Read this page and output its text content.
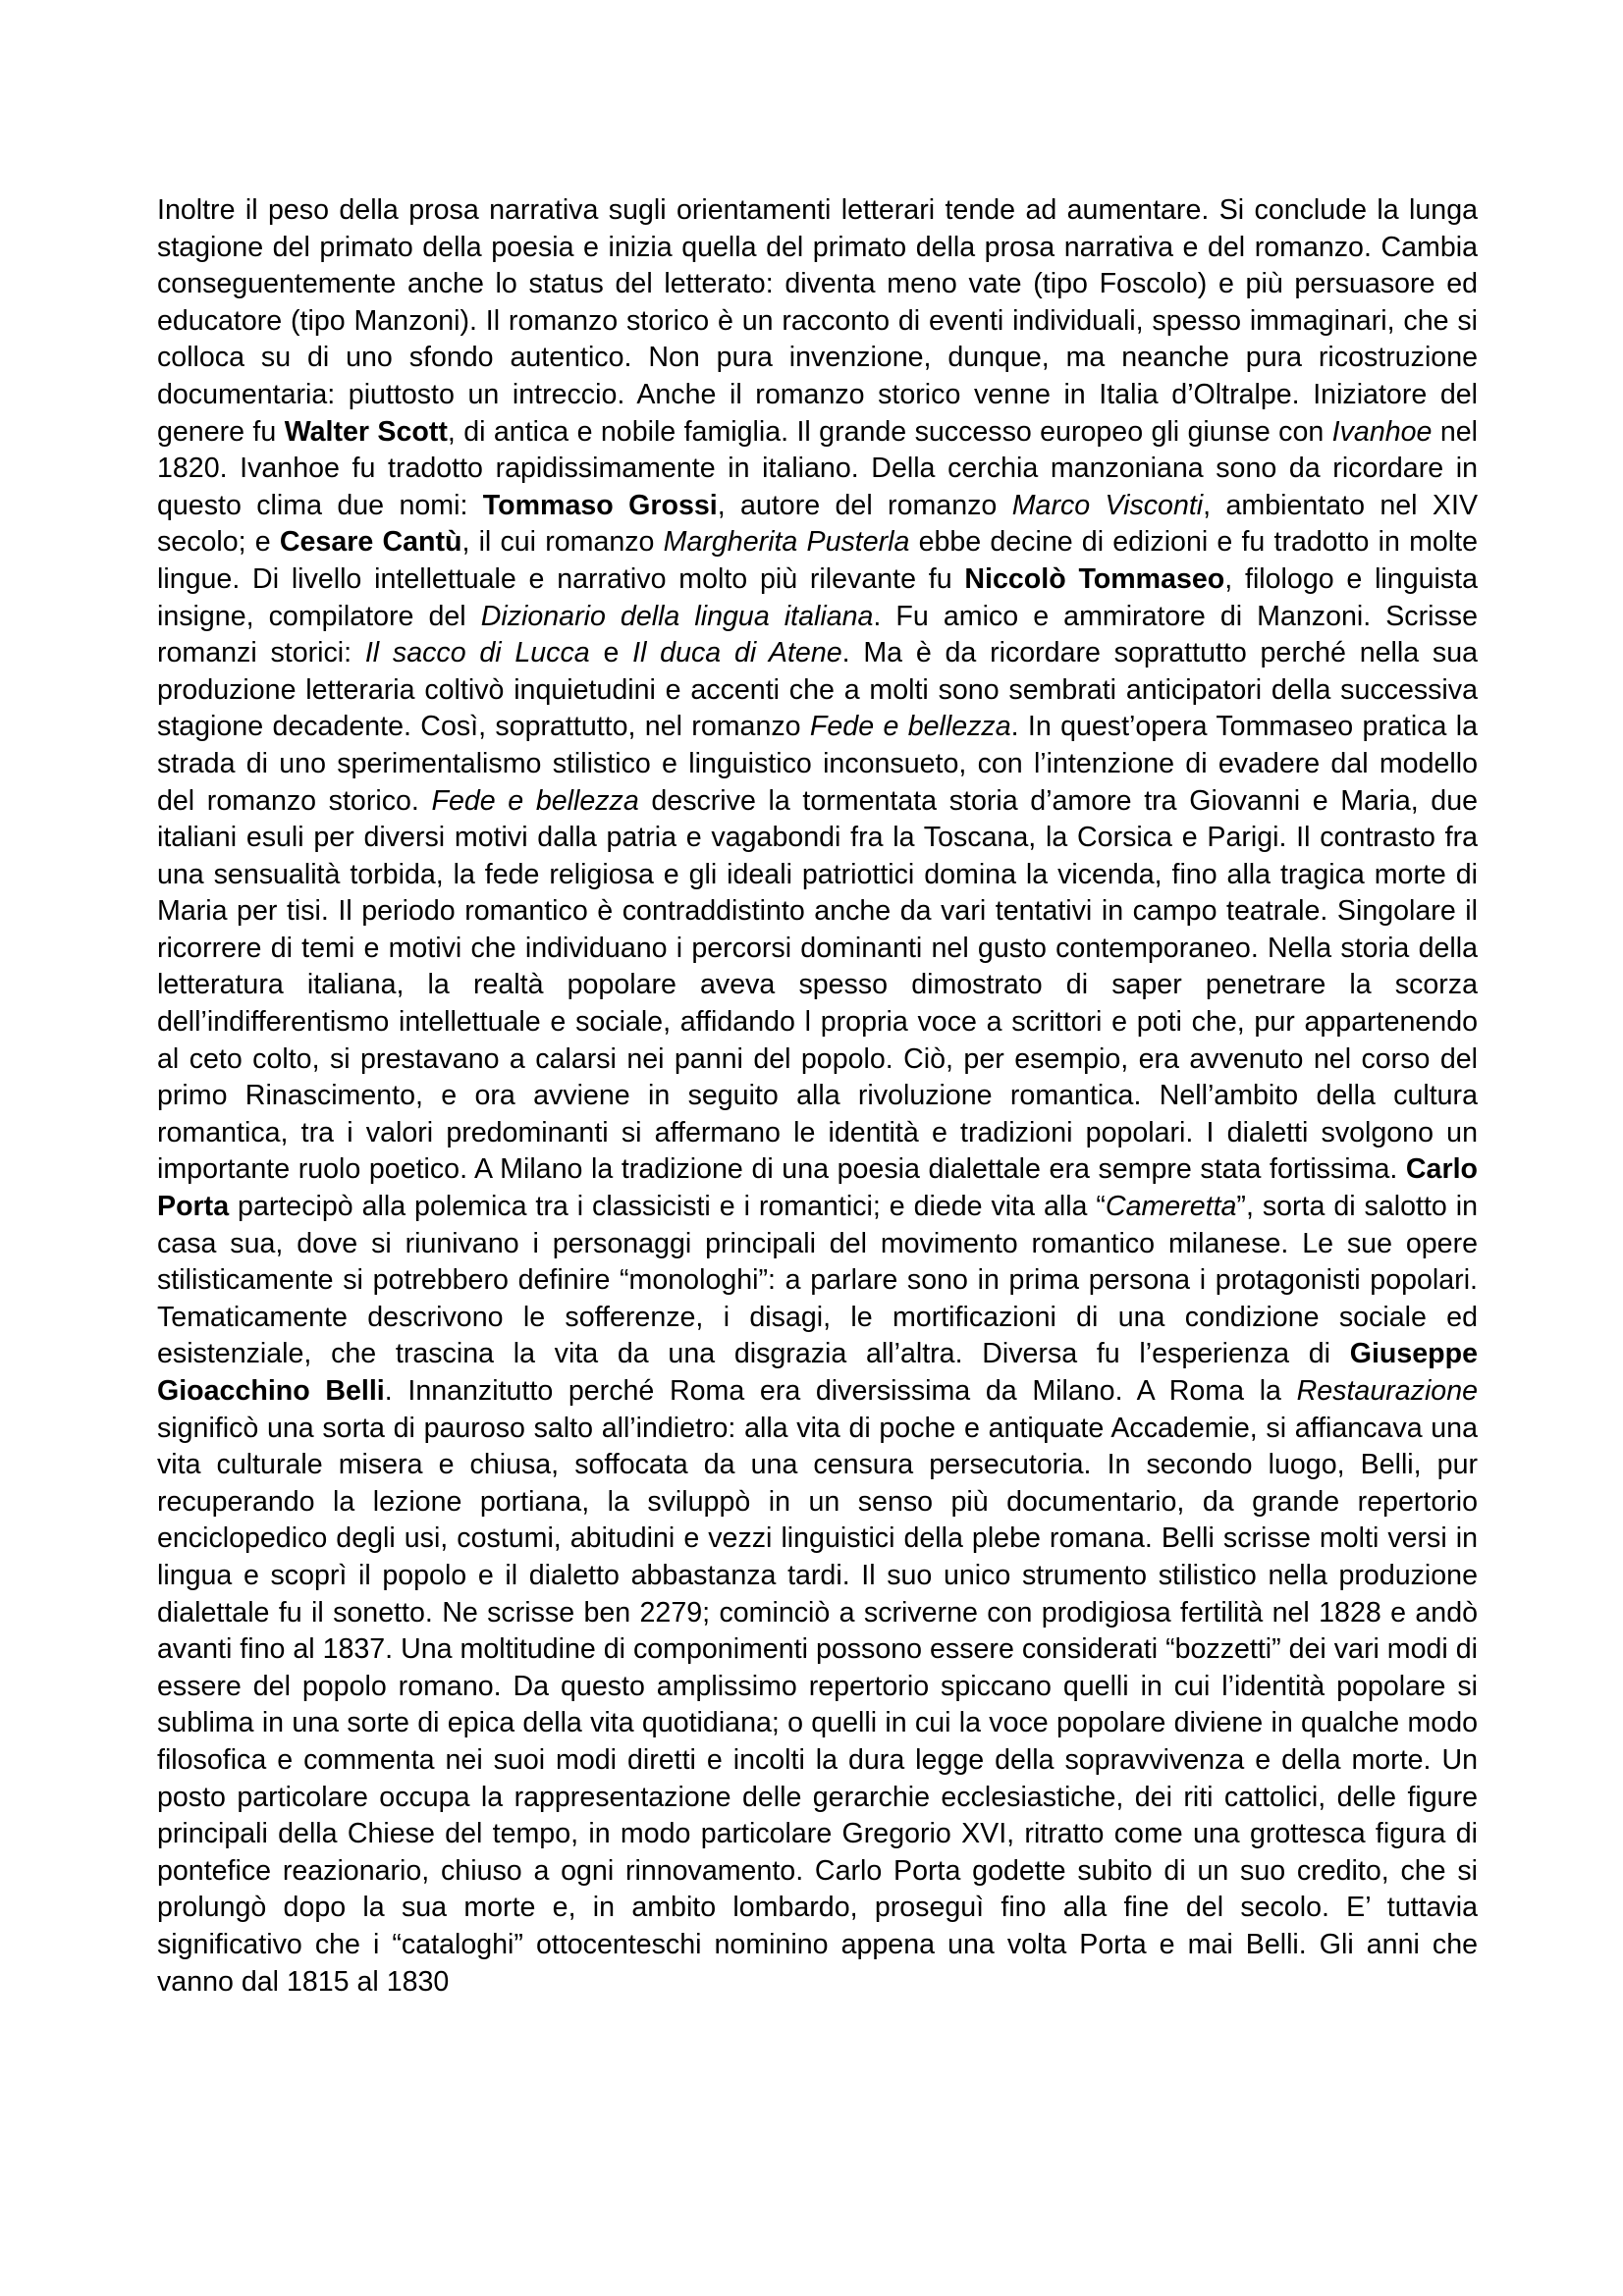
Inoltre il peso della prosa narrativa sugli orientamenti letterari tende ad aumentare. Si conclude la lunga stagione del primato della poesia e inizia quella del primato della prosa narrativa e del romanzo. Cambia conseguentemente anche lo status del letterato: diventa meno vate (tipo Foscolo) e più persuasore ed educatore (tipo Manzoni). Il romanzo storico è un racconto di eventi individuali, spesso immaginari, che si colloca su di uno sfondo autentico. Non pura invenzione, dunque, ma neanche pura ricostruzione documentaria: piuttosto un intreccio. Anche il romanzo storico venne in Italia d’Oltralpe. Iniziatore del genere fu Walter Scott, di antica e nobile famiglia. Il grande successo europeo gli giunse con Ivanhoe nel 1820. Ivanhoe fu tradotto rapidissimamente in italiano. Della cerchia manzoniana sono da ricordare in questo clima due nomi: Tommaso Grossi, autore del romanzo Marco Visconti, ambientato nel XIV secolo; e Cesare Cantù, il cui romanzo Margherita Pusterla ebbe decine di edizioni e fu tradotto in molte lingue. Di livello intellettuale e narrativo molto più rilevante fu Niccolò Tommaseo, filologo e linguista insigne, compilatore del Dizionario della lingua italiana. Fu amico e ammiratore di Manzoni. Scrisse romanzi storici: Il sacco di Lucca e Il duca di Atene. Ma è da ricordare soprattutto perché nella sua produzione letteraria coltivò inquietudini e accenti che a molti sono sembrati anticipatori della successiva stagione decadente. Così, soprattutto, nel romanzo Fede e bellezza. In quest’opera Tommaseo pratica la strada di uno sperimentalismo stilistico e linguistico inconsueto, con l’intenzione di evadere dal modello del romanzo storico. Fede e bellezza descrive la tormentata storia d’amore tra Giovanni e Maria, due italiani esuli per diversi motivi dalla patria e vagabondi fra la Toscana, la Corsica e Parigi. Il contrasto fra una sensualità torbida, la fede religiosa e gli ideali patriottici domina la vicenda, fino alla tragica morte di Maria per tisi. Il periodo romantico è contraddistinto anche da vari tentativi in campo teatrale. Singolare il ricorrere di temi e motivi che individuano i percorsi dominanti nel gusto contemporaneo. Nella storia della letteratura italiana, la realtà popolare aveva spesso dimostrato di saper penetrare la scorza dell’indifferentismo intellettuale e sociale, affidando l propria voce a scrittori e poti che, pur appartenendo al ceto colto, si prestavano a calarsi nei panni del popolo. Ciò, per esempio, era avvenuto nel corso del primo Rinascimento, e ora avviene in seguito alla rivoluzione romantica. Nell’ambito della cultura romantica, tra i valori predominanti si affermano le identità e tradizioni popolari. I dialetti svolgono un importante ruolo poetico. A Milano la tradizione di una poesia dialettale era sempre stata fortissima. Carlo Porta partecipò alla polemica tra i classicisti e i romantici; e diede vita alla “Cameretta”, sorta di salotto in casa sua, dove si riunivano i personaggi principali del movimento romantico milanese. Le sue opere stilisticamente si potrebbero definire “monologhi”: a parlare sono in prima persona i protagonisti popolari. Tematicamente descrivono le sofferenze, i disagi, le mortificazioni di una condizione sociale ed esistenziale, che trascina la vita da una disgrazia all’altra. Diversa fu l’esperienza di Giuseppe Gioacchino Belli. Innanzitutto perché Roma era diversissima da Milano. A Roma la Restaurazione significò una sorta di pauroso salto all’indietro: alla vita di poche e antiquate Accademie, si affiancava una vita culturale misera e chiusa, soffocata da una censura persecutoria. In secondo luogo, Belli, pur recuperando la lezione portiana, la sviluppò in un senso più documentario, da grande repertorio enciclopedico degli usi, costumi, abitudini e vezzi linguistici della plebe romana. Belli scrisse molti versi in lingua e scoprì il popolo e il dialetto abbastanza tardi. Il suo unico strumento stilistico nella produzione dialettale fu il sonetto. Ne scrisse ben 2279; cominciò a scriverne con prodigiosa fertilità nel 1828 e andò avanti fino al 1837. Una moltitudine di componimenti possono essere considerati “bozzetti” dei vari modi di essere del popolo romano. Da questo amplissimo repertorio spiccano quelli in cui l’identità popolare si sublima in una sorte di epica della vita quotidiana; o quelli in cui la voce popolare diviene in qualche modo filosofica e commenta nei suoi modi diretti e incolti la dura legge della sopravvivenza e della morte. Un posto particolare occupa la rappresentazione delle gerarchie ecclesiastiche, dei riti cattolici, delle figure principali della Chiese del tempo, in modo particolare Gregorio XVI, ritratto come una grottesca figura di pontefice reazionario, chiuso a ogni rinnovamento. Carlo Porta godette subito di un suo credito, che si prolungò dopo la sua morte e, in ambito lombardo, proseguì fino alla fine del secolo. E’ tuttavia significativo che i “cataloghi” ottocenteschi nominino appena una volta Porta e mai Belli. Gli anni che vanno dal 1815 al 1830
